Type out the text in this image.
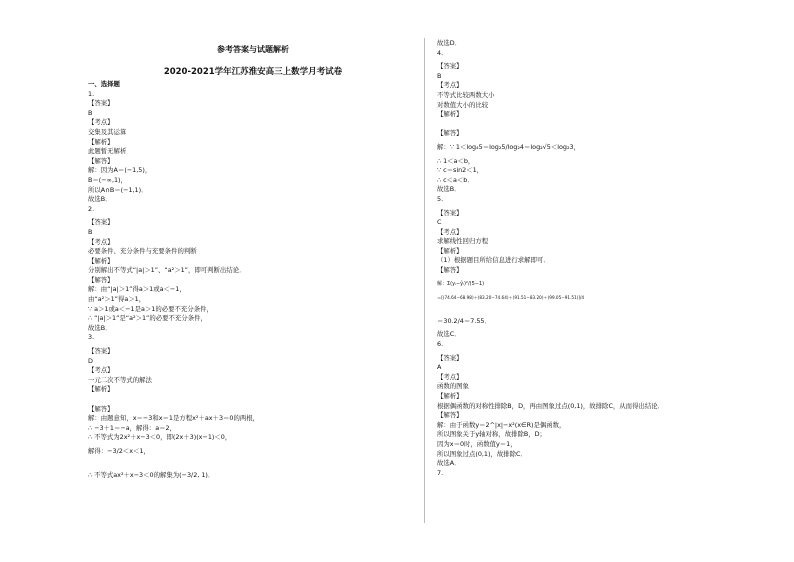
参考答案与试题解析
2020-2021学年江苏淮安高三上数学月考试卷
一、选择题
1.
【答案】
B
【考点】
交集及其运算
【解析】
此题暂无解析
【解答】
解：因为A＝(−1,5)，
B＝(−∞,1)，
所以A∩B＝(−1,1)．
故选B．
2.
【答案】
B
【考点】
必要条件、充分条件与充要条件的判断
【解析】
分别解出不等式“|a|＞1”、“a²＞1”，即可判断出结论．
【解答】
解：由“|a|＞1”得a＞1或a＜−1，
由“a²＞1”得a＞1，
∵ a＞1或a＜−1是a＞1的必要不充分条件，
∴ “|a|＞1”是“a²＞1”的必要不充分条件，
故选B．
3.
【答案】
D
【考点】
一元二次不等式的解法
【解析】
【解答】
解：由题意知，x＝−3和x＝1是方程x²＋ax＋3＝0的两根，
∴ −3＋1＝−a，解得：a＝2，
∴ 不等式为2x²＋x−3＜0，即(2x＋3)(x−1)＜0，
解得：−3/2＜x＜1，
∴ 不等式ax²＋x−3＜0的解集为(−3/2, 1)．
故选D．
4.
【答案】
B
【考点】
不等式比较两数大小
对数值大小的比较
【解析】
【解答】
解：∵ 1＜log₄5＝log₂5/log₂4＝log₂√5＜log₂3，
∴ 1＜a＜b，
∵ c＝sin2＜1，
∴ c＜a＜b．
故选B．
5.
【答案】
C
【考点】
求解线性回归方程
【解析】
（1）根据题目所给信息进行求解即可．
【解答】
解：Σ(yᵢ−ŷᵢ)²/(5−1)
＝[(74.64−68.98)＋(83.20−74.64)＋(91.51−83.20)＋(99.05−91.51)]/4
＝30.2/4＝7.55．
故选C．
6.
【答案】
A
【考点】
函数的图象
【解析】
根据偶函数的对称性排除B，D，再由图象过点(0,1)，故排除C，从而得出结论．
【解答】
解：由于函数y＝2^|x|−x²(x∈R)是偶函数，
所以图象关于y轴对称，故排除B，D；
因为x＝0时，函数值y＝1，
所以图象过点(0,1)，故排除C．
故选A．
7.
